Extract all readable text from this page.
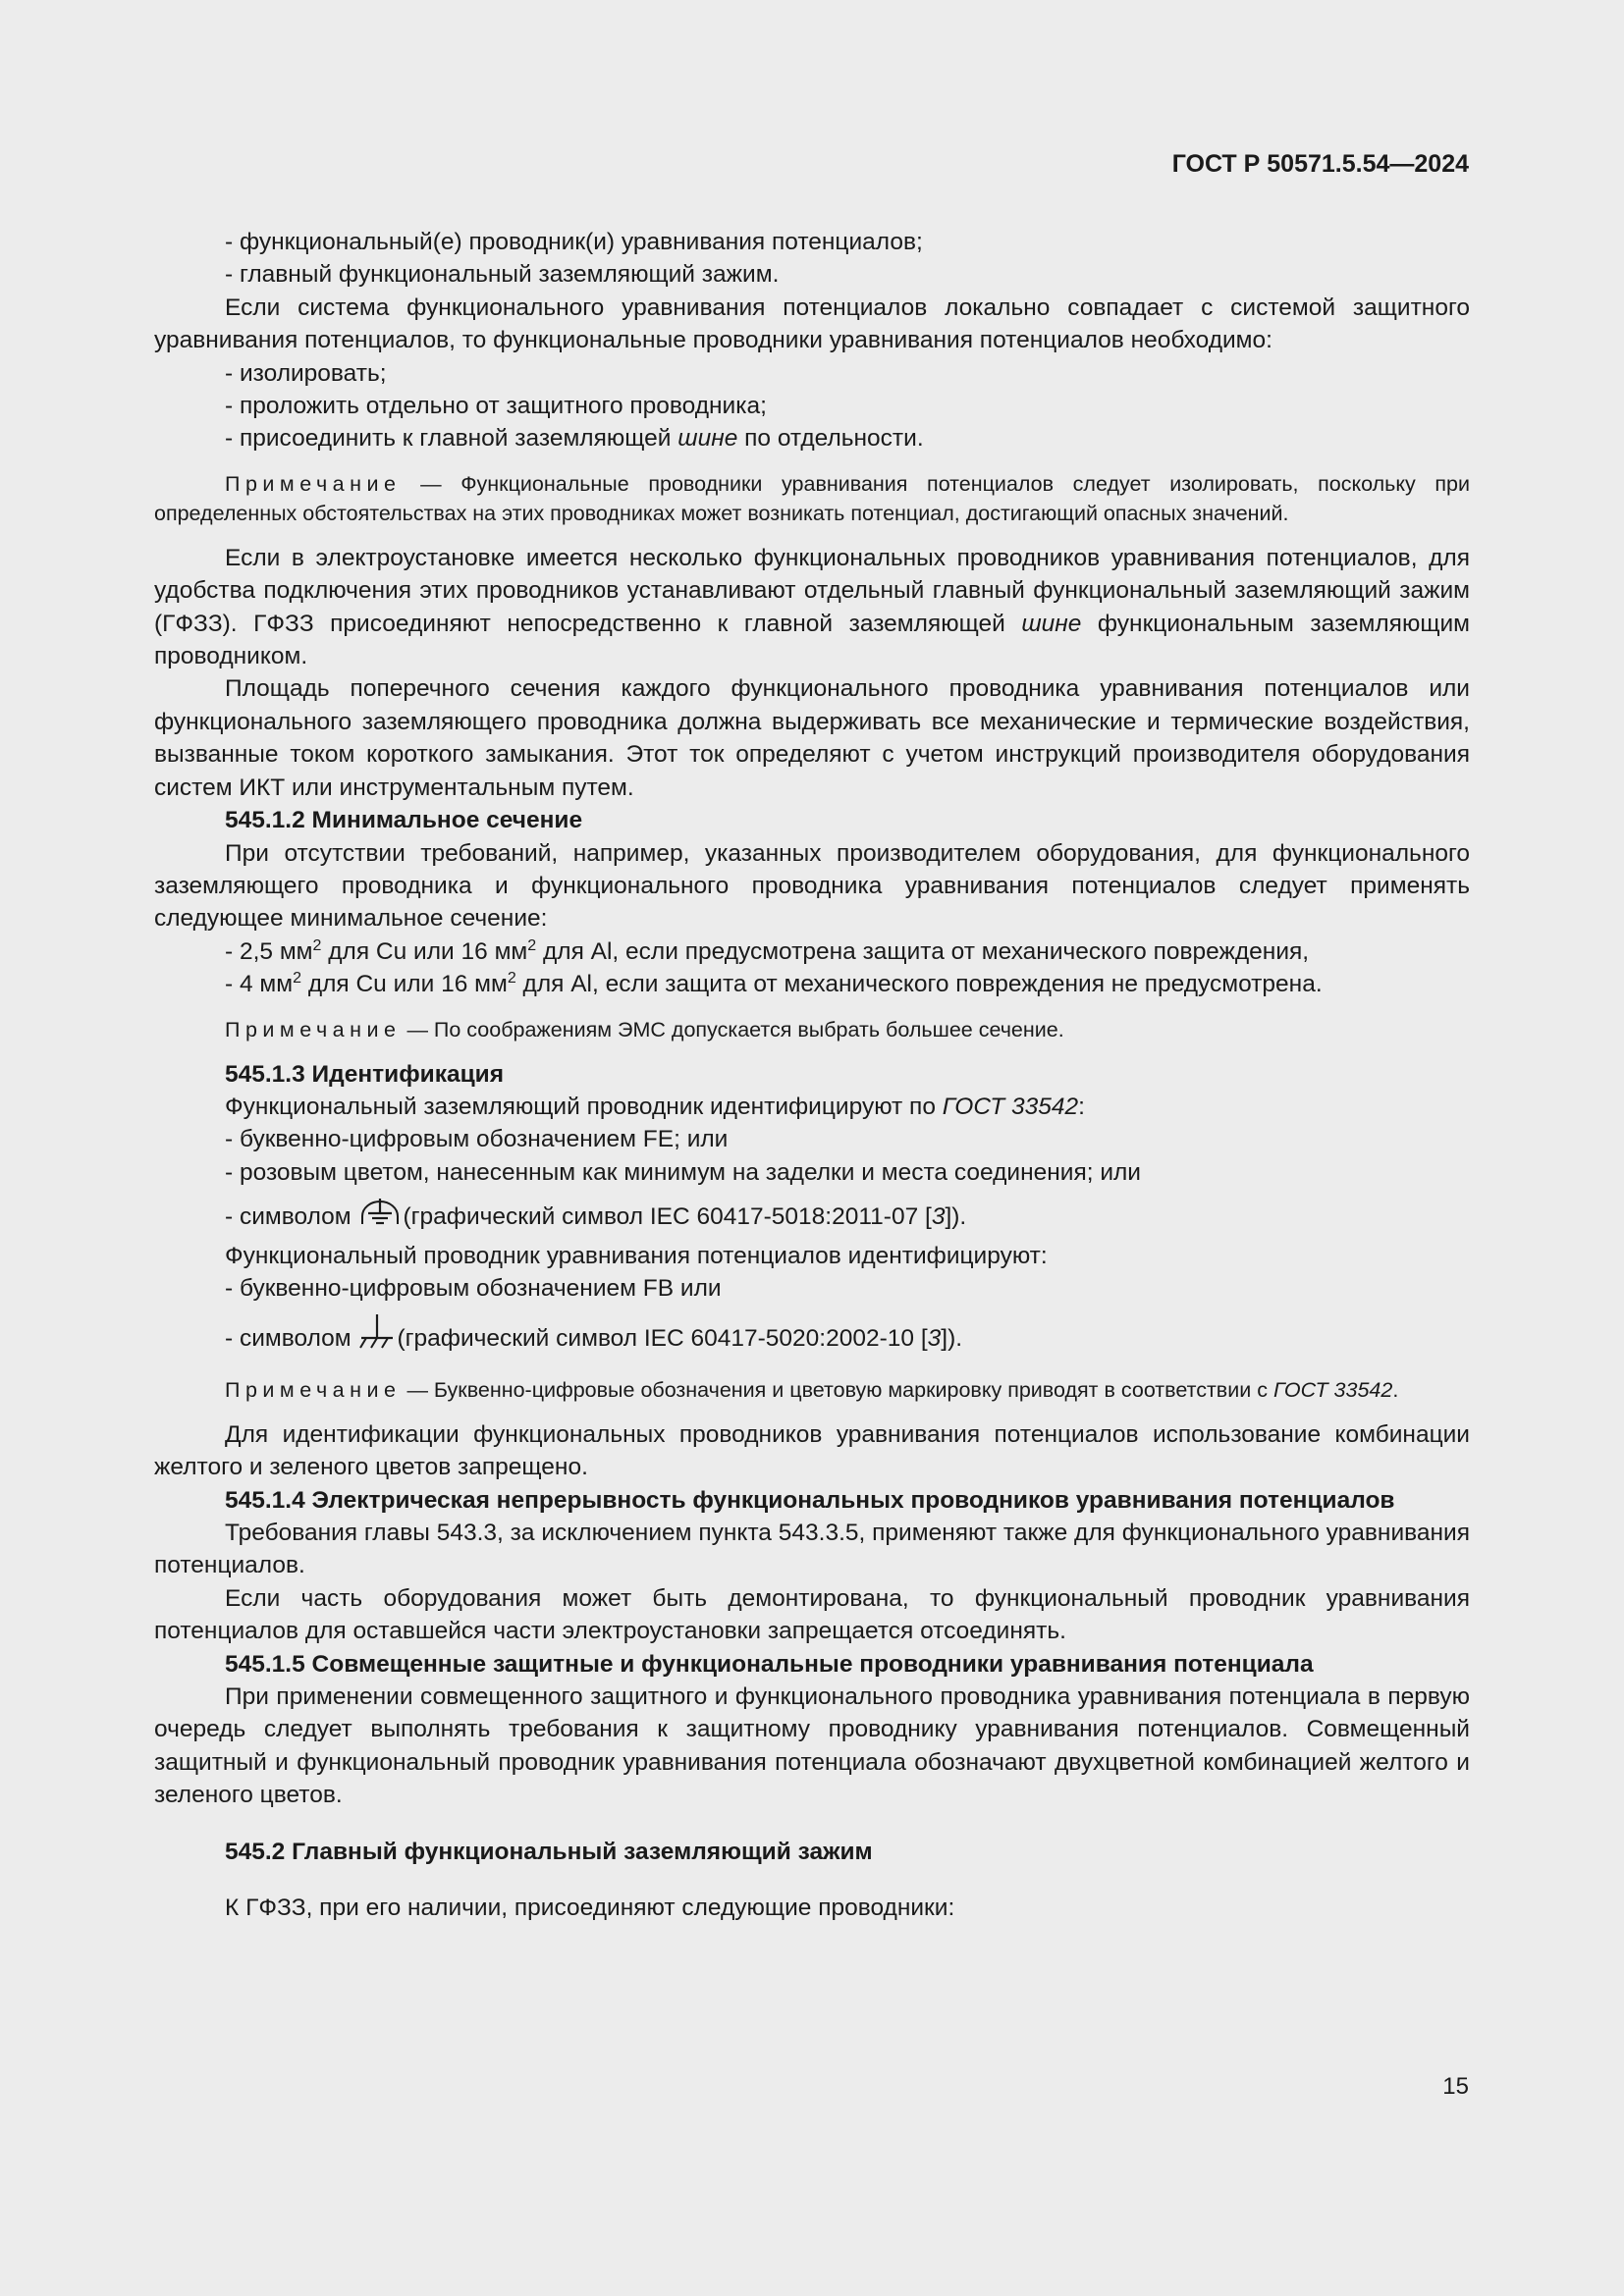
ГОСТ Р 50571.5.54—2024

- функциональный(е) проводник(и) уравнивания потенциалов;

- главный функциональный заземляющий зажим.

Если система функционального уравнивания потенциалов локально совпадает с системой защитного уравнивания потенциалов, то функциональные проводники уравнивания потенциалов необходимо:

- изолировать;

- проложить отдельно от защитного проводника;

- присоединить к главной заземляющей шине по отдельности.

Примечание — Функциональные проводники уравнивания потенциалов следует изолировать, поскольку при определенных обстоятельствах на этих проводниках может возникать потенциал, достигающий опасных значений.

Если в электроустановке имеется несколько функциональных проводников уравнивания потенциалов, для удобства подключения этих проводников устанавливают отдельный главный функциональный заземляющий зажим (ГФЗЗ). ГФЗЗ присоединяют непосредственно к главной заземляющей шине функциональным заземляющим проводником.

Площадь поперечного сечения каждого функционального проводника уравнивания потенциалов или функционального заземляющего проводника должна выдерживать все механические и термические воздействия, вызванные током короткого замыкания. Этот ток определяют с учетом инструкций производителя оборудования систем ИКТ или инструментальным путем.

545.1.2 Минимальное сечение

При отсутствии требований, например, указанных производителем оборудования, для функционального заземляющего проводника и функционального проводника уравнивания потенциалов следует применять следующее минимальное сечение:

- 2,5 $мм^2$ для Cu или 16 $мм^2$ для Al, если предусмотрена защита от механического повреждения,

- 4 $мм^2$ для Cu или 16 $мм^2$ для Al, если защита от механического повреждения не предусмотрена.

Примечание — По соображениям ЭМС допускается выбрать большее сечение.

545.1.3 Идентификация

Функциональный заземляющий проводник идентифицируют по ГОСТ 33542:

- буквенно-цифровым обозначением FE; или

- розовым цветом, нанесенным как минимум на заделки и места соединения; или

- символом (графический символ IEC 60417-5018:2011-07 [3]).

Функциональный проводник уравнивания потенциалов идентифицируют:

- буквенно-цифровым обозначением FB или

- символом (графический символ IEC 60417-5020:2002-10 [3]).

Примечание — Буквенно-цифровые обозначения и цветовую маркировку приводят в соответствии с ГОСТ 33542.

Для идентификации функциональных проводников уравнивания потенциалов использование комбинации желтого и зеленого цветов запрещено.

545.1.4 Электрическая непрерывность функциональных проводников уравнивания потенциалов

Требования главы 543.3, за исключением пункта 543.3.5, применяют также для функционального уравнивания потенциалов.

Если часть оборудования может быть демонтирована, то функциональный проводник уравнивания потенциалов для оставшейся части электроустановки запрещается отсоединять.

545.1.5 Совмещенные защитные и функциональные проводники уравнивания потенциала

При применении совмещенного защитного и функционального проводника уравнивания потенциала в первую очередь следует выполнять требования к защитному проводнику уравнивания потенциалов. Совмещенный защитный и функциональный проводник уравнивания потенциала обозначают двухцветной комбинацией желтого и зеленого цветов.

545.2 Главный функциональный заземляющий зажим

К ГФЗЗ, при его наличии, присоединяют следующие проводники:

15
